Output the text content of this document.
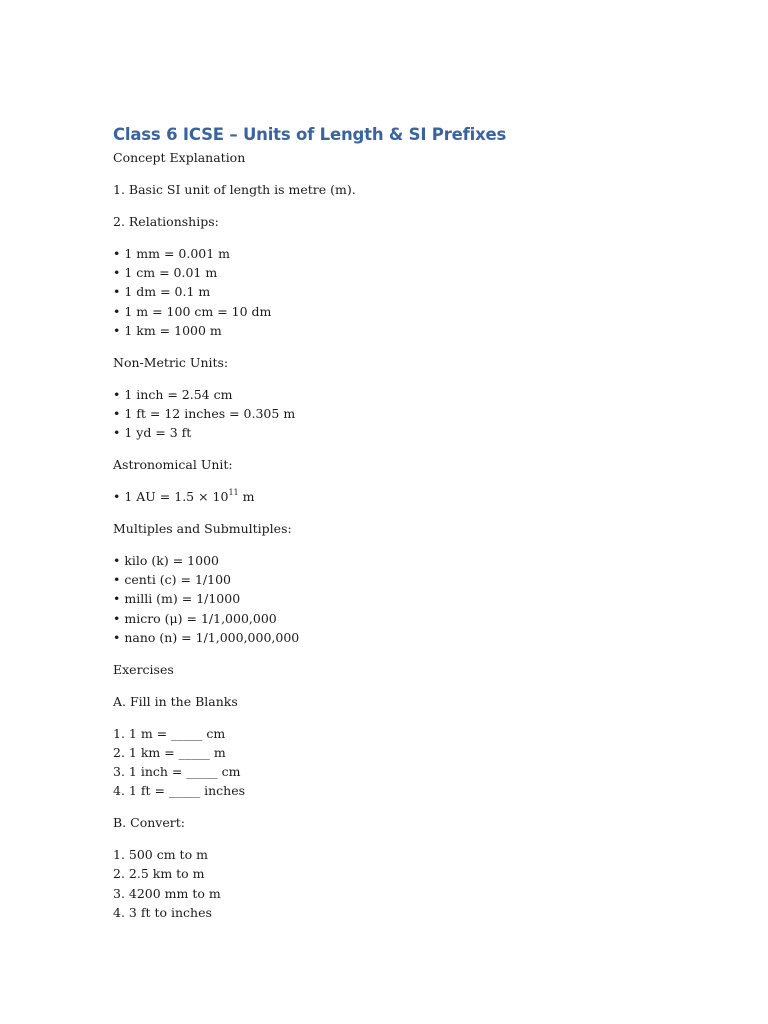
Class 6 ICSE – Units of Length & SI Prefixes
Concept Explanation
1. Basic SI unit of length is metre (m).
2. Relationships:
• 1 mm = 0.001 m
• 1 cm = 0.01 m
• 1 dm = 0.1 m
• 1 m = 100 cm = 10 dm
• 1 km = 1000 m
Non-Metric Units:
• 1 inch = 2.54 cm
• 1 ft = 12 inches = 0.305 m
• 1 yd = 3 ft
Astronomical Unit:
• 1 AU = $1.5 \times 10^{11}$ m
Multiples and Submultiples:
• kilo (k) = 1000
• centi (c) = 1/100
• milli (m) = 1/1000
• micro (μ) = 1/1,000,000
• nano (n) = 1/1,000,000,000
Exercises
A. Fill in the Blanks
1. 1 m = _____ cm
2. 1 km = _____ m
3. 1 inch = _____ cm
4. 1 ft = _____ inches
B. Convert:
1. 500 cm to m
2. 2.5 km to m
3. 4200 mm to m
4. 3 ft to inches
